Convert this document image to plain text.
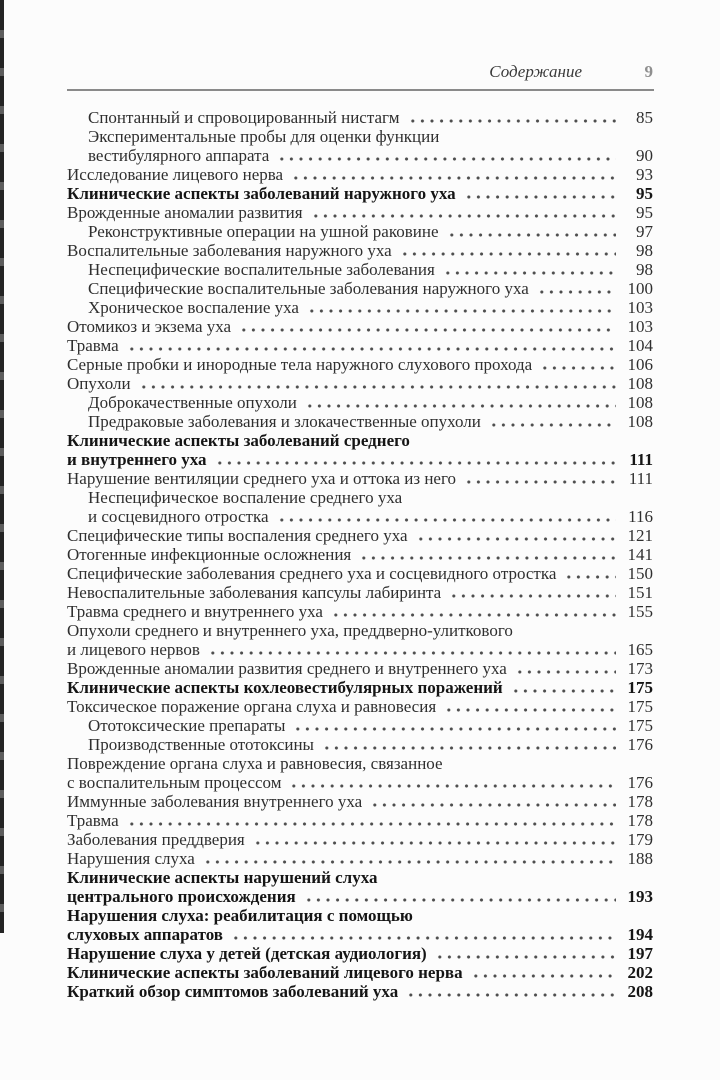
Содержание	9
Спонтанный и спровоцированный нистагм	85
Экспериментальные пробы для оценки функции
вестибулярного аппарата	90
Исследование лицевого нерва	93
Клинические аспекты заболеваний наружного уха	95
Врожденные аномалии развития	95
Реконструктивные операции на ушной раковине	97
Воспалительные заболевания наружного уха	98
Неспецифические воспалительные заболевания	98
Специфические воспалительные заболевания наружного уха	100
Хроническое воспаление уха	103
Отомикоз и экзема уха	103
Травма	104
Серные пробки и инородные тела наружного слухового прохода	106
Опухоли	108
Доброкачественные опухоли	108
Предраковые заболевания и злокачественные опухоли	108
Клинические аспекты заболеваний среднего
и внутреннего уха	111
Нарушение вентиляции среднего уха и оттока из него	111
Неспецифическое воспаление среднего уха
и сосцевидного отростка	116
Специфические типы воспаления среднего уха	121
Отогенные инфекционные осложнения	141
Специфические заболевания среднего уха и сосцевидного отростка	150
Невоспалительные заболевания капсулы лабиринта	151
Травма среднего и внутреннего уха	155
Опухоли среднего и внутреннего уха, преддверно-улиткового
и лицевого нервов	165
Врожденные аномалии развития среднего и внутреннего уха	173
Клинические аспекты кохлеовестибулярных поражений	175
Токсическое поражение органа слуха и равновесия	175
Ототоксические препараты	175
Производственные ототоксины	176
Повреждение органа слуха и равновесия, связанное
с воспалительным процессом	176
Иммунные заболевания внутреннего уха	178
Травма	178
Заболевания преддверия	179
Нарушения слуха	188
Клинические аспекты нарушений слуха
центрального происхождения	193
Нарушения слуха: реабилитация с помощью
слуховых аппаратов	194
Нарушение слуха у детей (детская аудиология)	197
Клинические аспекты заболеваний лицевого нерва	202
Краткий обзор симптомов заболеваний уха	208
